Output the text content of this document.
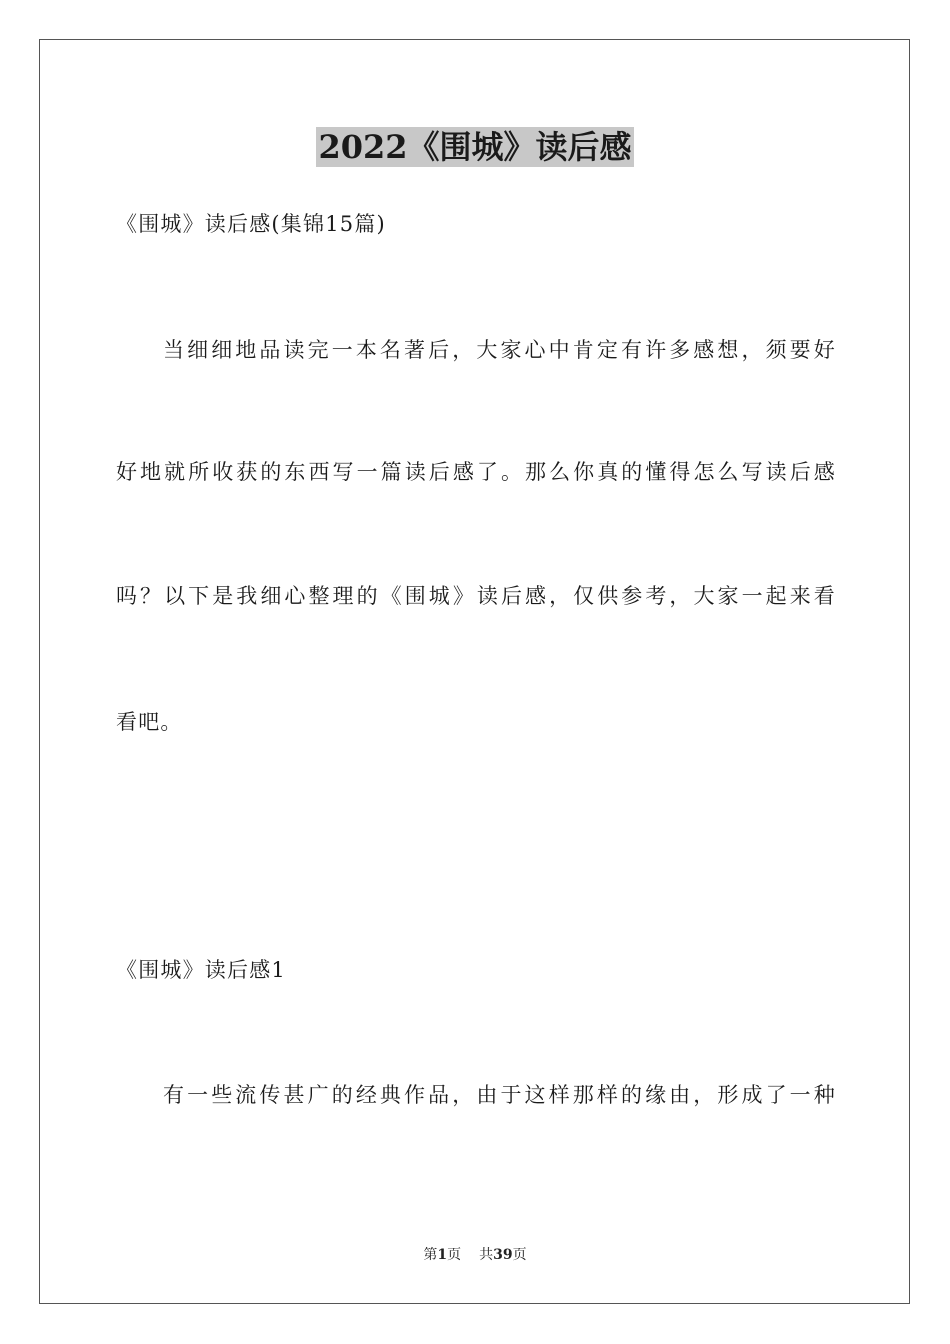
2022《围城》读后感
《围城》读后感(集锦15篇)
当细细地品读完一本名著后，大家心中肯定有许多感想，须要好
好地就所收获的东西写一篇读后感了。那么你真的懂得怎么写读后感
吗？以下是我细心整理的《围城》读后感，仅供参考，大家一起来看
看吧。
《围城》读后感1
有一些流传甚广的经典作品，由于这样那样的缘由，形成了一种
第1页 共39页
